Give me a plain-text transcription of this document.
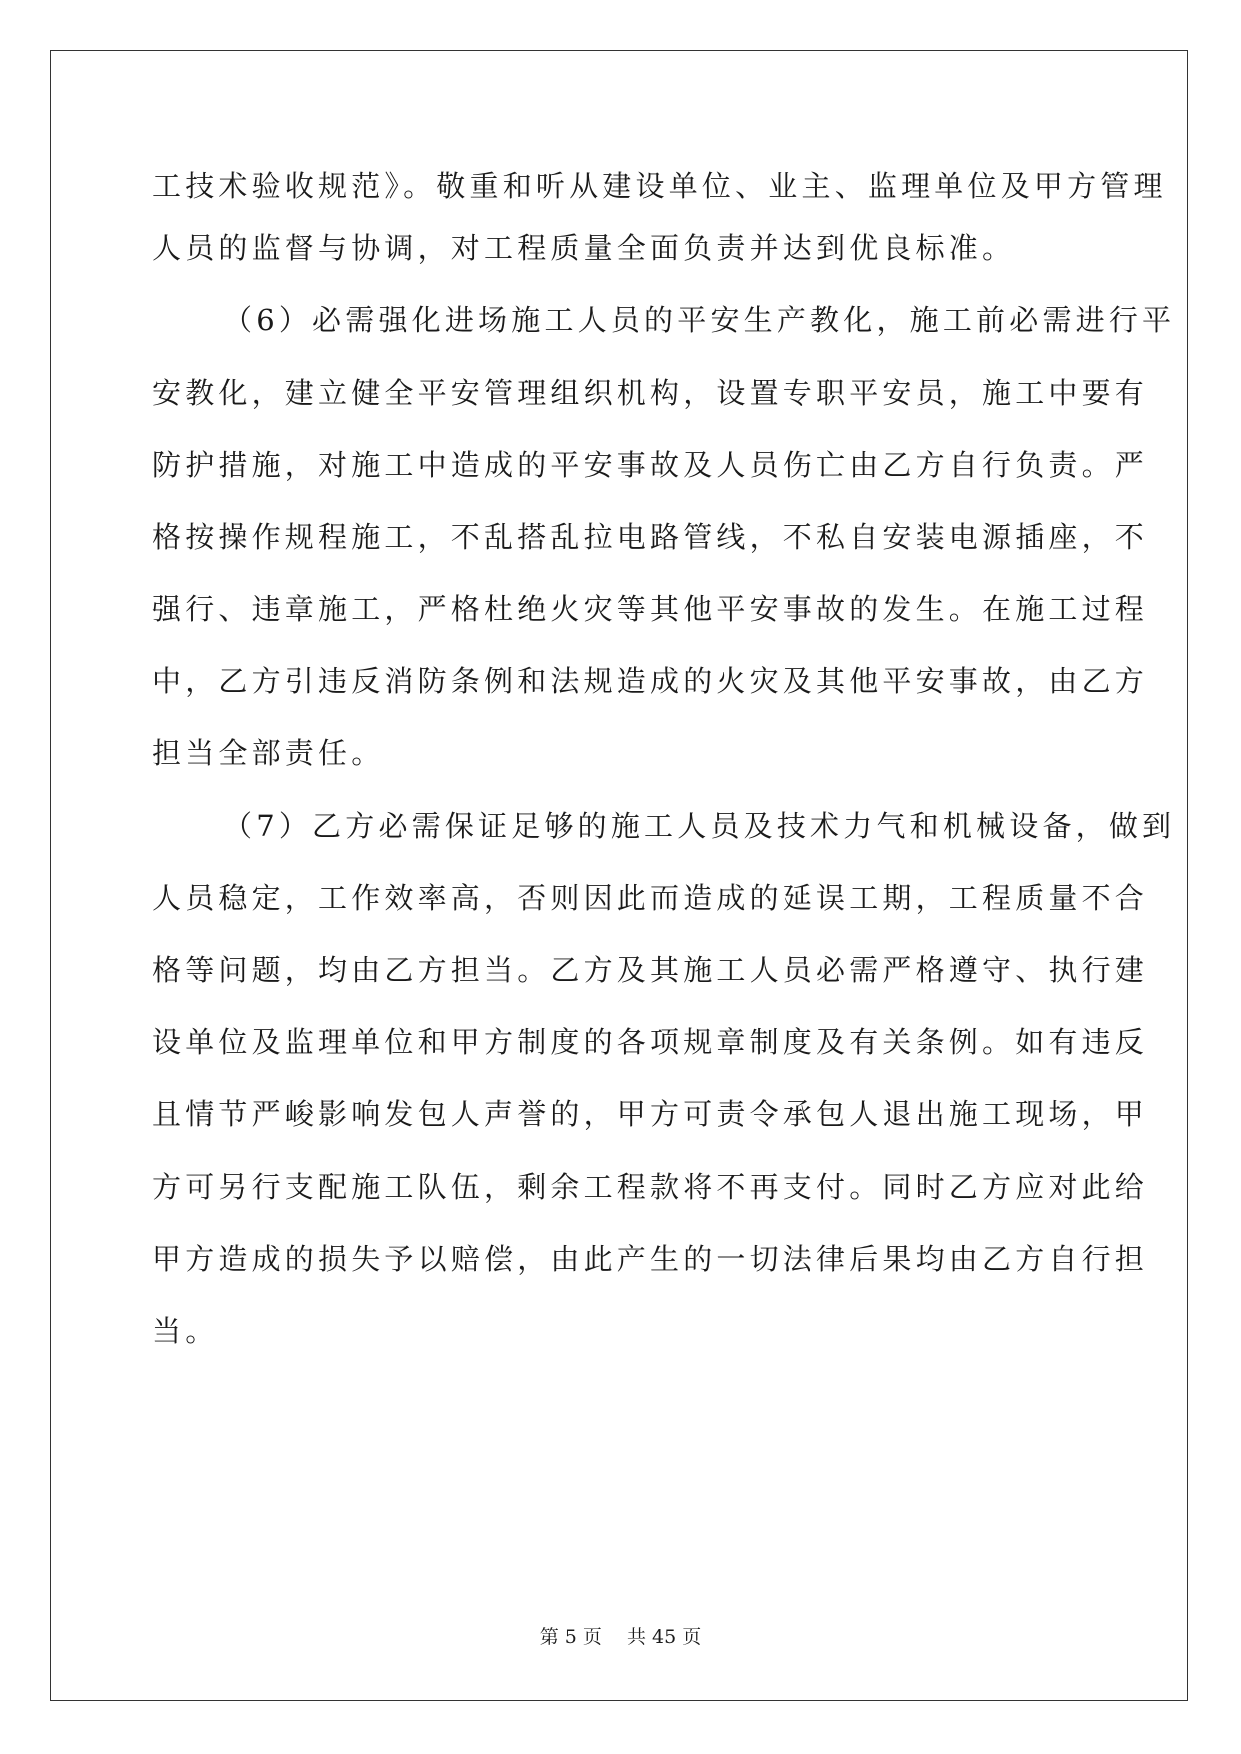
工技术验收规范》。敬重和听从建设单位、业主、监理单位及甲方管理
人员的监督与协调，对工程质量全面负责并达到优良标准。
（6）必需强化进场施工人员的平安生产教化，施工前必需进行平
安教化，建立健全平安管理组织机构，设置专职平安员，施工中要有
防护措施，对施工中造成的平安事故及人员伤亡由乙方自行负责。严
格按操作规程施工，不乱搭乱拉电路管线，不私自安装电源插座，不
强行、违章施工，严格杜绝火灾等其他平安事故的发生。在施工过程
中，乙方引违反消防条例和法规造成的火灾及其他平安事故，由乙方
担当全部责任。
（7）乙方必需保证足够的施工人员及技术力气和机械设备，做到
人员稳定，工作效率高，否则因此而造成的延误工期，工程质量不合
格等问题，均由乙方担当。乙方及其施工人员必需严格遵守、执行建
设单位及监理单位和甲方制度的各项规章制度及有关条例。如有违反
且情节严峻影响发包人声誉的，甲方可责令承包人退出施工现场，甲
方可另行支配施工队伍，剩余工程款将不再支付。同时乙方应对此给
甲方造成的损失予以赔偿，由此产生的一切法律后果均由乙方自行担
当。
第 5 页　 共 45 页
